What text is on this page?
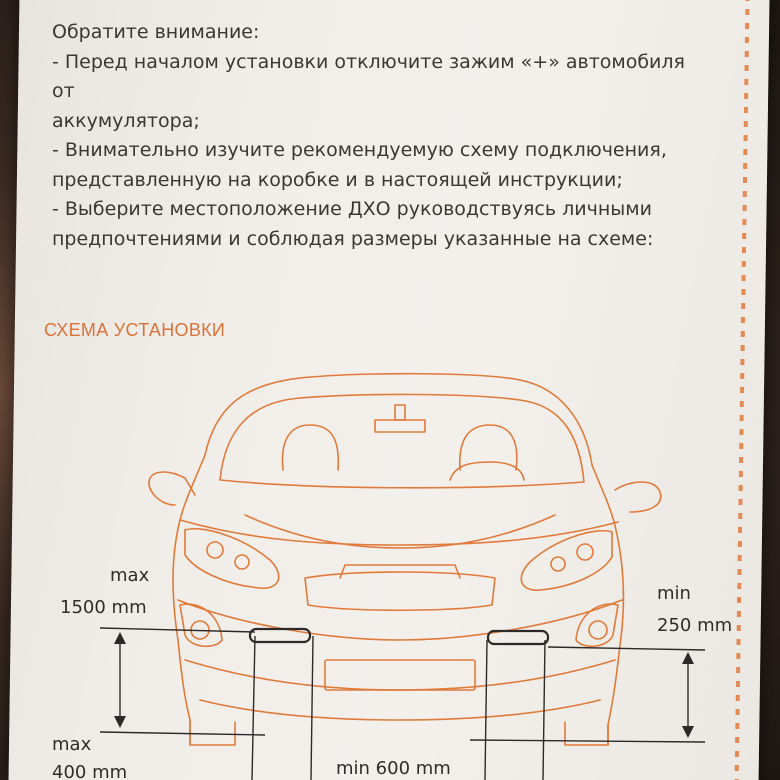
Обратите внимание:

- Перед началом установки отключите зажим «+» автомобиля от

аккумулятора;

- Внимательно изучите рекомендуемую схему подключения,

представленную на коробке и в настоящей инструкции;

- Выберите местоположение ДХО руководствуясь личными

предпочтениями и соблюдая размеры указанные на схеме:

СХЕМА УСТАНОВКИ
max
1500 mm
min
250 mm
max
400 mm	min 600 mm
